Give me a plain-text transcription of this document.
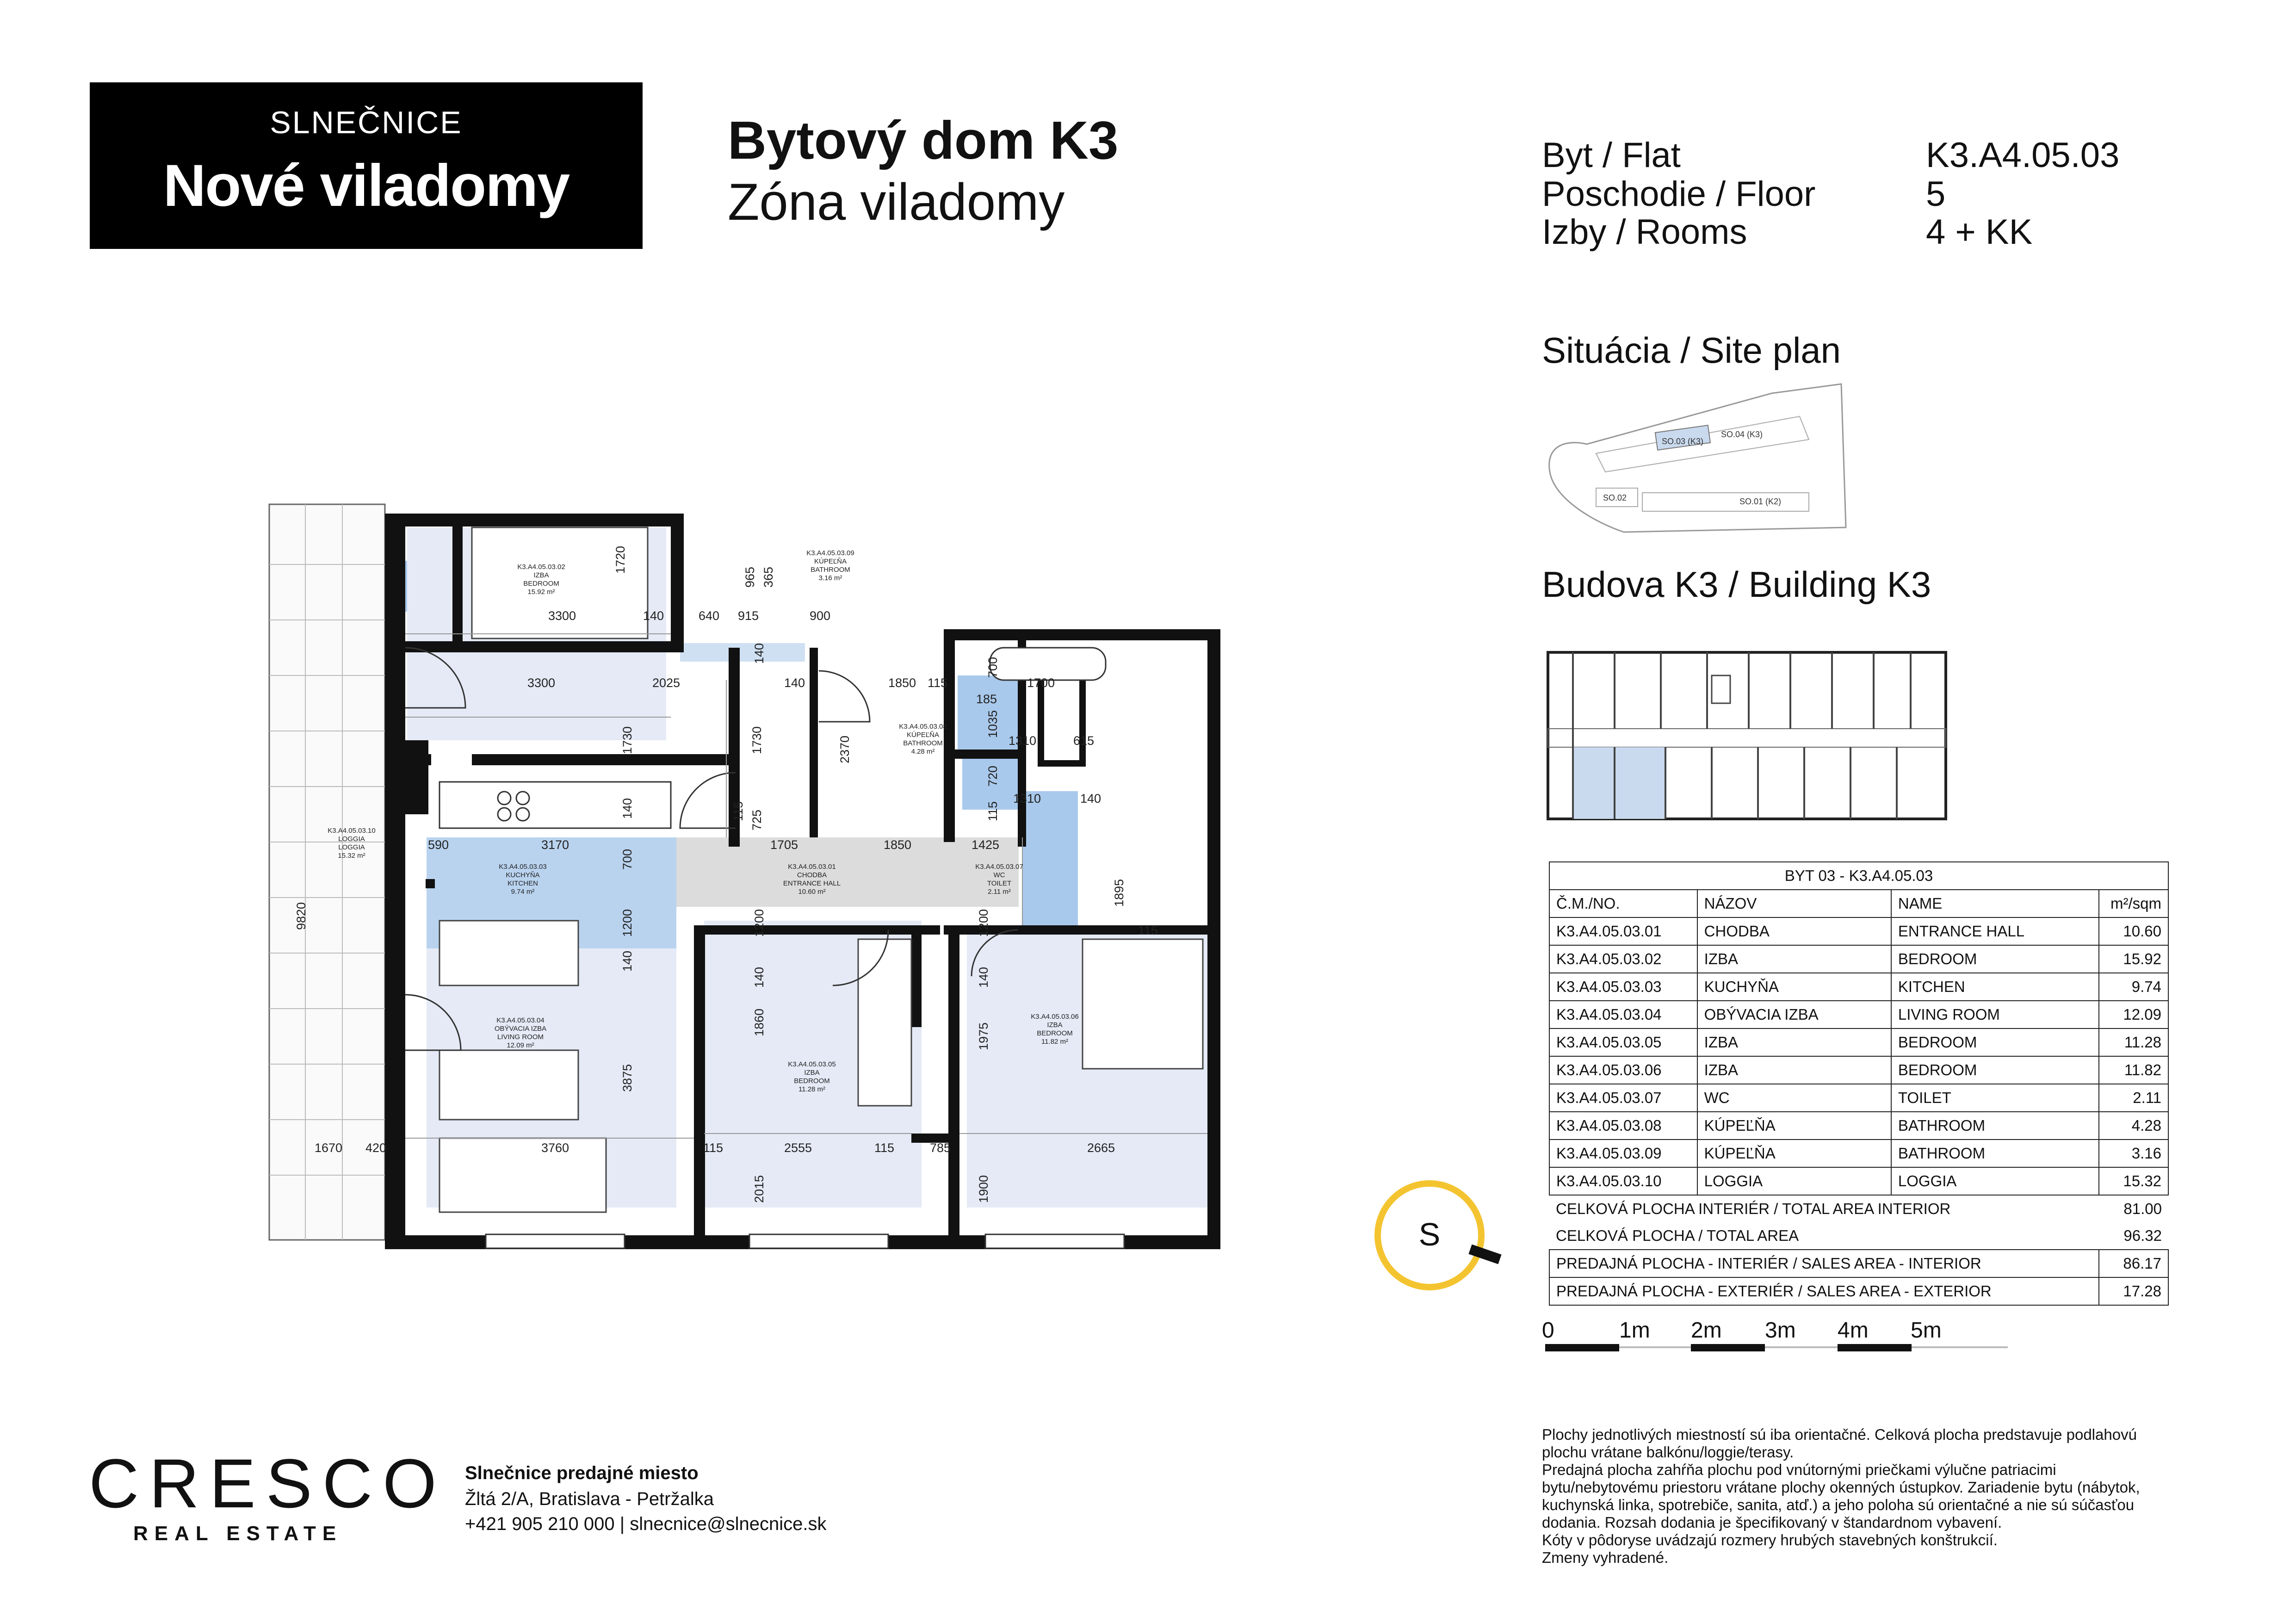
SLNEČNICE
Nové viladomy
Bytový dom K3
Zóna viladomy
Byt / Flat	K3.A4.05.03
Poschodie / Floor	5
Izby / Rooms	4 + KK
Situácia / Site plan
SO.03 (K3)
SO.04 (K3)
SO.02	SO.01 (K2)
Budova K3 / Building K3
K3.A4.05.03.02
IZBA
BEDROOM
15.92 m²
K3.A4.05.03.09
KÚPEĽŇA
BATHROOM
3.16 m²
K3.A4.05.03.08
KÚPEĽŇA
BATHROOM
4.28 m²
K3.A4.05.03.03
KUCHYŇA
KITCHEN
9.74 m²
K3.A4.05.03.01
CHODBA
ENTRANCE HALL
10.60 m²
K3.A4.05.03.07
WC
TOILET
2.11 m²
K3.A4.05.03.10
LOGGIA
LOGGIA
15.32 m²
K3.A4.05.03.04
OBÝVACIA IZBA
LIVING ROOM
12.09 m²
K3.A4.05.03.05
IZBA
BEDROOM
11.28 m²
K3.A4.05.03.06
IZBA
BEDROOM
11.82 m²
1720
3300	140	640 915	900
965 365
140
3300	2025	140
1730	1730
140
1850 115
700
1700
185
1035
1310	615
2370
720
115
1310	140
725
115
700
590	3170	1705	1850	1425
1895
115
9820	1200
140
1200	1200
140	140
1860	1975
3875
1670 420	3760	115	2555	115	785	2665
2015	1900
S
BYT 03 - K3.A4.05.03			
Č.M./NO.	NÁZOV	NAME	m²/sqm
K3.A4.05.03.01	CHODBA	ENTRANCE HALL	10.60
K3.A4.05.03.02	IZBA	BEDROOM	15.92
K3.A4.05.03.03	KUCHYŇA	KITCHEN	9.74
K3.A4.05.03.04	OBÝVACIA IZBA	LIVING ROOM	12.09
K3.A4.05.03.05	IZBA	BEDROOM	11.28
K3.A4.05.03.06	IZBA	BEDROOM	11.82
K3.A4.05.03.07	WC	TOILET	2.11
K3.A4.05.03.08	KÚPEĽŇA	BATHROOM	4.28
K3.A4.05.03.09	KÚPEĽŇA	BATHROOM	3.16
K3.A4.05.03.10	LOGGIA	LOGGIA	15.32
CELKOVÁ PLOCHA INTERIÉR / TOTAL AREA INTERIOR			81.00
CELKOVÁ PLOCHA / TOTAL AREA			96.32
PREDAJNÁ PLOCHA - INTERIÉR / SALES AREA - INTERIOR			86.17
PREDAJNÁ PLOCHA - EXTERIÉR / SALES AREA - EXTERIOR			17.28
0	1m 2m 3m 4m 5m
Plochy jednotlivých miestností sú iba orientačné. Celková plocha predstavuje podlahovú
plochu vrátane balkónu/loggie/terasy.
Predajná plocha zahŕňa plochu pod vnútornými priečkami výlučne patriacimi
bytu/nebytovému priestoru vrátane plochy okenných ústupkov. Zariadenie bytu (nábytok,
kuchynská linka, spotrebiče, sanita, atď.) a jeho poloha sú orientačné a nie sú súčasťou
dodania. Rozsah dodania je špecifikovaný v štandardnom vybavení.
Kóty v pôdoryse uvádzajú rozmery hrubých stavebných konštrukcií.
Zmeny vyhradené.
CRESCO
REAL ESTATE
Slnečnice predajné miesto
Žltá 2/A, Bratislava - Petržalka
+421 905 210 000 | slnecnice@slnecnice.sk
